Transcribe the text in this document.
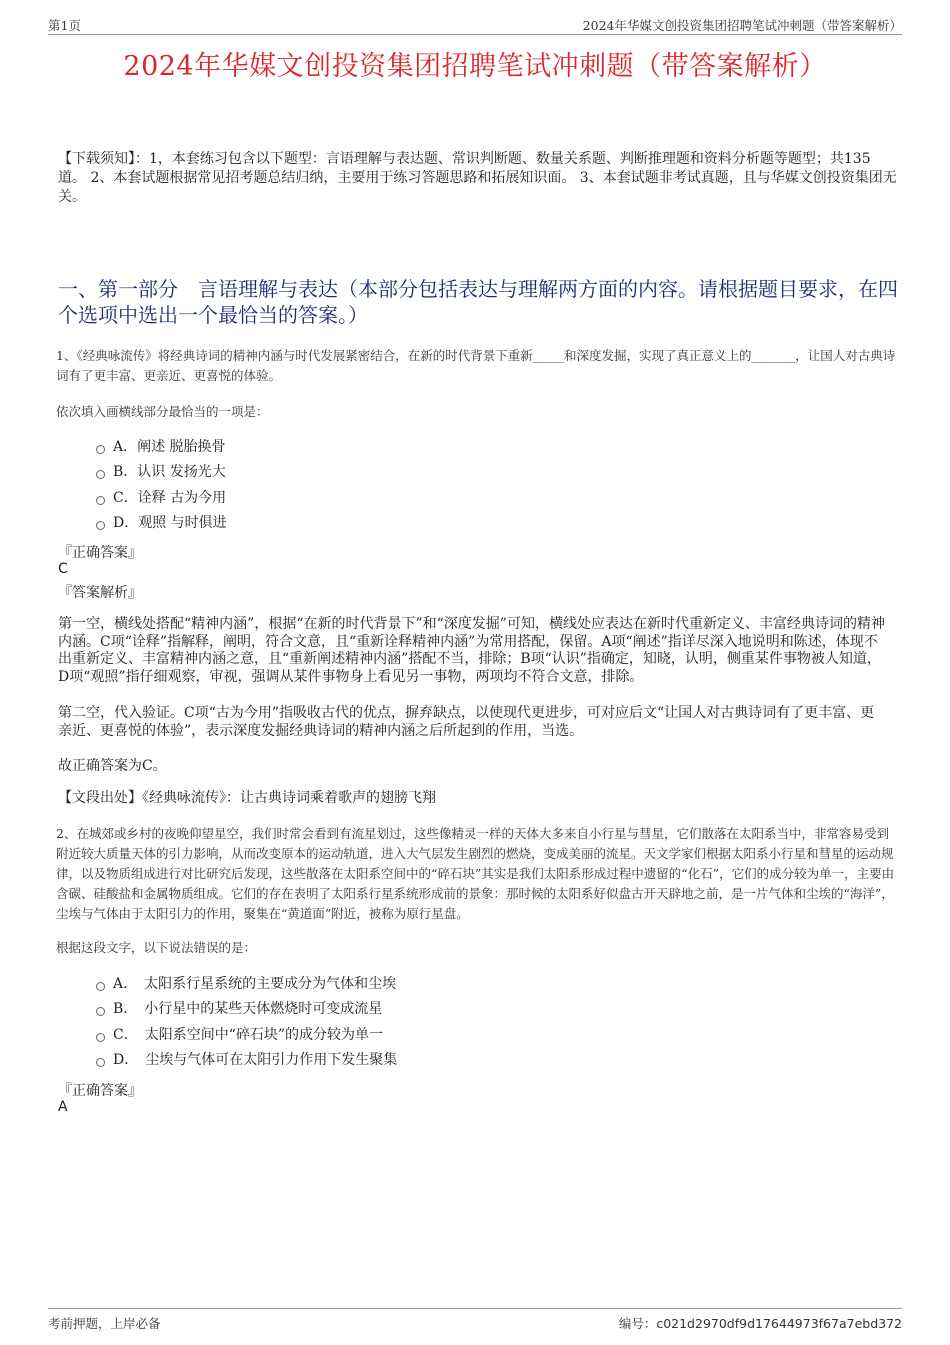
第1页	2024年华媒文创投资集团招聘笔试冲刺题（带答案解析）
2024年华媒文创投资集团招聘笔试冲刺题（带答案解析）
【下载须知】：1，本套练习包含以下题型：言语理解与表达题、常识判断题、数量关系题、判断推理题和资料分析题等题型；共135道。 2、本套试题根据常见招考题总结归纳，主要用于练习答题思路和拓展知识面。 3、本套试题非考试真题，且与华媒文创投资集团无关。
一、第一部分　言语理解与表达（本部分包括表达与理解两方面的内容。请根据题目要求，在四个选项中选出一个最恰当的答案。）
1、《经典咏流传》将经典诗词的精神内涵与时代发展紧密结合，在新的时代背景下重新_____和深度发掘，实现了真正意义上的_______，让国人对古典诗词有了更丰富、更亲近、更喜悦的体验。
依次填入画横线部分最恰当的一项是：
A．阐述 脱胎换骨
B．认识 发扬光大
C．诠释 古为今用
D．观照 与时俱进
『正确答案』
C
『答案解析』
第一空，横线处搭配“精神内涵”，根据“在新的时代背景下”和“深度发掘”可知，横线处应表达在新时代重新定义、丰富经典诗词的精神内涵。C项“诠释”指解释，阐明，符合文意，且“重新诠释精神内涵”为常用搭配，保留。A项“阐述”指详尽深入地说明和陈述，体现不出重新定义、丰富精神内涵之意，且“重新阐述精神内涵”搭配不当，排除；B项“认识”指确定，知晓，认明，侧重某件事物被人知道，D项“观照”指仔细观察，审视，强调从某件事物身上看见另一事物，两项均不符合文意，排除。
第二空，代入验证。C项“古为今用”指吸收古代的优点，摒弃缺点，以使现代更进步，可对应后文“让国人对古典诗词有了更丰富、更亲近、更喜悦的体验”，表示深度发掘经典诗词的精神内涵之后所起到的作用，当选。
故正确答案为C。
【文段出处】《经典咏流传》：让古典诗词乘着歌声的翅膀飞翔
2、在城郊或乡村的夜晚仰望星空，我们时常会看到有流星划过，这些像精灵一样的天体大多来自小行星与彗星，它们散落在太阳系当中，非常容易受到附近较大质量天体的引力影响，从而改变原本的运动轨道，进入大气层发生剧烈的燃烧，变成美丽的流星。天文学家们根据太阳系小行星和彗星的运动规律，以及物质组成进行对比研究后发现，这些散落在太阳系空间中的“碎石块”其实是我们太阳系形成过程中遗留的“化石”，它们的成分较为单一，主要由含碳、硅酸盐和金属物质组成。它们的存在表明了太阳系行星系统形成前的景象：那时候的太阳系好似盘古开天辟地之前，是一片气体和尘埃的“海洋”，尘埃与气体由于太阳引力的作用，聚集在“黄道面”附近，被称为原行星盘。
根据这段文字，以下说法错误的是：
A．　太阳系行星系统的主要成分为气体和尘埃
B．　小行星中的某些天体燃烧时可变成流星
C．　太阳系空间中“碎石块”的成分较为单一
D．　尘埃与气体可在太阳引力作用下发生聚集
『正确答案』
A
考前押题，上岸必备	编号：c021d2970df9d17644973f67a7ebd372
